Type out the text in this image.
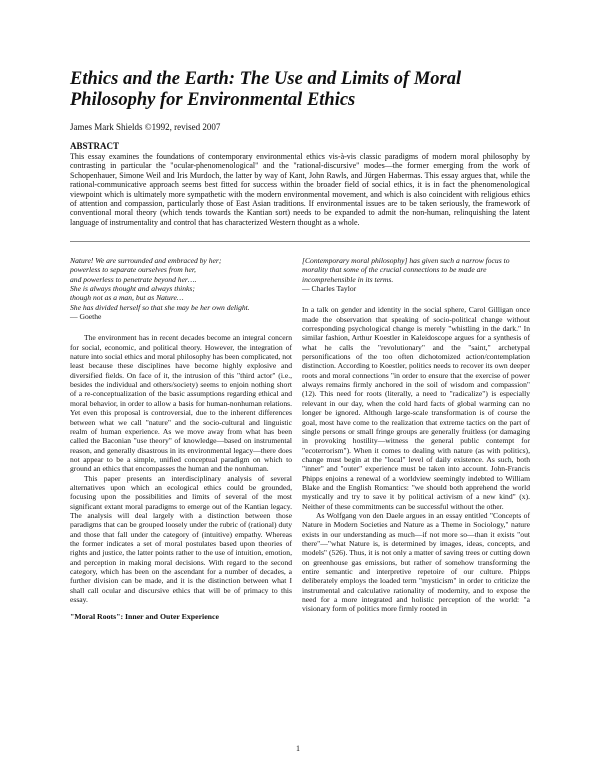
Ethics and the Earth: The Use and Limits of Moral Philosophy for Environmental Ethics
James Mark Shields ©1992, revised 2007
ABSTRACT

This essay examines the foundations of contemporary environmental ethics vis-à-vis classic paradigms of modern moral philosophy by contrasting in particular the "ocular-phenomenological" and the "rational-discursive" modes—the former emerging from the work of Schopenhauer, Simone Weil and Iris Murdoch, the latter by way of Kant, John Rawls, and Jürgen Habermas. This essay argues that, while the rational-communicative approach seems best fitted for success within the broader field of social ethics, it is in fact the phenomenological viewpoint which is ultimately more sympathetic with the modern environmental movement, and which is also coincident with religious ethics of attention and compassion, particularly those of East Asian traditions. If environmental issues are to be taken seriously, the framework of conventional moral theory (which tends towards the Kantian sort) needs to be expanded to admit the non-human, relinquishing the latent language of instrumentality and control that has characterized Western thought as a whole.

Nature! We are surrounded and embraced by her;
powerless to separate ourselves from her,
and powerless to penetrate beyond her….
She is always thought and always thinks;
though not as a man, but as Nature…
She has divided herself so that she may be her own delight.
— Goethe

The environment has in recent decades become an integral concern for social, economic, and political theory. However, the integration of nature into social ethics and moral philosophy has been complicated, not least because these disciplines have become highly explosive and diversified fields. On face of it, the intrusion of this "third actor" (i.e., besides the individual and others/society) seems to enjoin nothing short of a re-conceptualization of the basic assumptions regarding ethical and moral behavior, in order to allow a basis for human-nonhuman relations. Yet even this proposal is controversial, due to the inherent differences between what we call "nature" and the socio-cultural and linguistic realm of human experience. As we move away from what has been called the Baconian "use theory" of knowledge—based on instrumental reason, and generally disastrous in its environmental legacy—there does not appear to be a simple, unified conceptual paradigm on which to ground an ethics that encompasses the human and the nonhuman.

This paper presents an interdisciplinary analysis of several alternatives upon which an ecological ethics could be grounded, focusing upon the possibilities and limits of several of the most significant extant moral paradigms to emerge out of the Kantian legacy. The analysis will deal largely with a distinction between those paradigms that can be grouped loosely under the rubric of (rational) duty and those that fall under the category of (intuitive) empathy. Whereas the former indicates a set of moral postulates based upon theories of rights and justice, the latter points rather to the use of intuition, emotion, and perception in making moral decisions. With regard to the second category, which has been on the ascendant for a number of decades, a further division can be made, and it is the distinction between what I shall call ocular and discursive ethics that will be of primacy to this essay.

"Moral Roots": Inner and Outer Experience

[Contemporary moral philosophy] has given such a narrow focus to morality that some of the crucial connections to be made are incomprehensible in its terms.
— Charles Taylor

In a talk on gender and identity in the social sphere, Carol Gilligan once made the observation that speaking of socio-political change without corresponding psychological change is merely "whistling in the dark." In similar fashion, Arthur Koestler in Kaleidoscope argues for a synthesis of what he calls the "revolutionary" and the "saint," archetypal personifications of the too often dichotomized action/contemplation distinction. According to Koestler, politics needs to recover its own deeper roots and moral connections "in order to ensure that the exercise of power always remains firmly anchored in the soil of wisdom and compassion" (12). This need for roots (literally, a need to "radicalize") is especially relevant in our day, when the cold hard facts of global warming can no longer be ignored. Although large-scale transformation is of course the goal, most have come to the realization that extreme tactics on the part of single persons or small fringe groups are generally fruitless (or damaging in provoking hostility—witness the general public contempt for "ecoterrorism"). When it comes to dealing with nature (as with politics), change must begin at the "local" level of daily existence. As such, both "inner" and "outer" experience must be taken into account. John-Francis Phipps enjoins a renewal of a worldview seemingly indebted to William Blake and the English Romantics: "we should both apprehend the world mystically and try to save it by political activism of a new kind" (x). Neither of these commitments can be successful without the other.

As Wolfgang von den Daele argues in an essay entitled "Concepts of Nature in Modern Societies and Nature as a Theme in Sociology," nature exists in our understanding as much—if not more so—than it exists "out there"—"what Nature is, is determined by images, ideas, concepts, and models" (526). Thus, it is not only a matter of saving trees or cutting down on greenhouse gas emissions, but rather of somehow transforming the entire semantic and interpretive repetoire of our culture. Phipps deliberately employs the loaded term "mysticism" in order to criticize the instrumental and calculative rationality of modernity, and to expose the need for a more integrated and holistic perception of the world: "a visionary form of politics more firmly rooted in

1
